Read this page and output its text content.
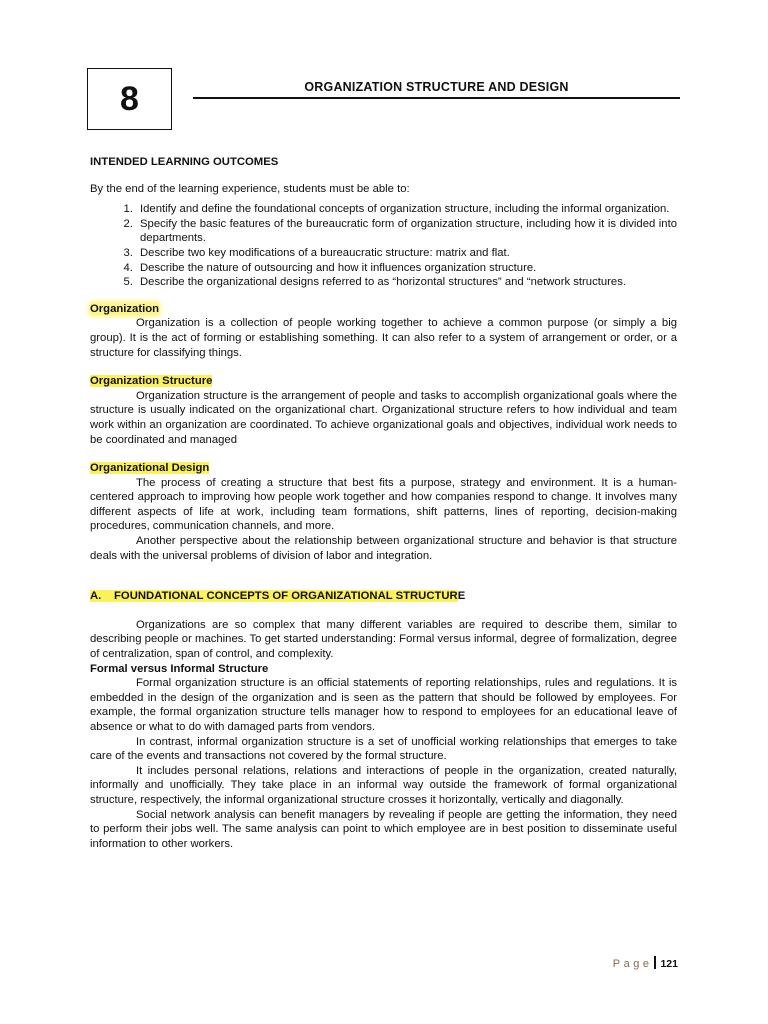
8	ORGANIZATION STRUCTURE AND DESIGN

INTENDED LEARNING OUTCOMES

By the end of the learning experience, students must be able to:

1. Identify and define the foundational concepts of organization structure, including the informal organization.
2. Specify the basic features of the bureaucratic form of organization structure, including how it is divided into departments.
3. Describe two key modifications of a bureaucratic structure: matrix and flat.
4. Describe the nature of outsourcing and how it influences organization structure.
5. Describe the organizational designs referred to as “horizontal structures” and “network structures.

Organization

Organization is a collection of people working together to achieve a common purpose (or simply a big group). It is the act of forming or establishing something. It can also refer to a system of arrangement or order, or a structure for classifying things.

Organization Structure

Organization structure is the arrangement of people and tasks to accomplish organizational goals where the structure is usually indicated on the organizational chart. Organizational structure refers to how individual and team work within an organization are coordinated. To achieve organizational goals and objectives, individual work needs to be coordinated and managed

Organizational Design

The process of creating a structure that best fits a purpose, strategy and environment. It is a human-centered approach to improving how people work together and how companies respond to change. It involves many different aspects of life at work, including team formations, shift patterns, lines of reporting, decision-making procedures, communication channels, and more.

Another perspective about the relationship between organizational structure and behavior is that structure deals with the universal problems of division of labor and integration.

A. FOUNDATIONAL CONCEPTS OF ORGANIZATIONAL STRUCTURE

Organizations are so complex that many different variables are required to describe them, similar to describing people or machines. To get started understanding: Formal versus informal, degree of formalization, degree of centralization, span of control, and complexity.

Formal versus Informal Structure

Formal organization structure is an official statements of reporting relationships, rules and regulations. It is embedded in the design of the organization and is seen as the pattern that should be followed by employees. For example, the formal organization structure tells manager how to respond to employees for an educational leave of absence or what to do with damaged parts from vendors.

In contrast, informal organization structure is a set of unofficial working relationships that emerges to take care of the events and transactions not covered by the formal structure.

It includes personal relations, relations and interactions of people in the organization, created naturally, informally and unofficially. They take place in an informal way outside the framework of formal organizational structure, respectively, the informal organizational structure crosses it horizontally, vertically and diagonally.

Social network analysis can benefit managers by revealing if people are getting the information, they need to perform their jobs well. The same analysis can point to which employee are in best position to disseminate useful information to other workers.

Page 121
